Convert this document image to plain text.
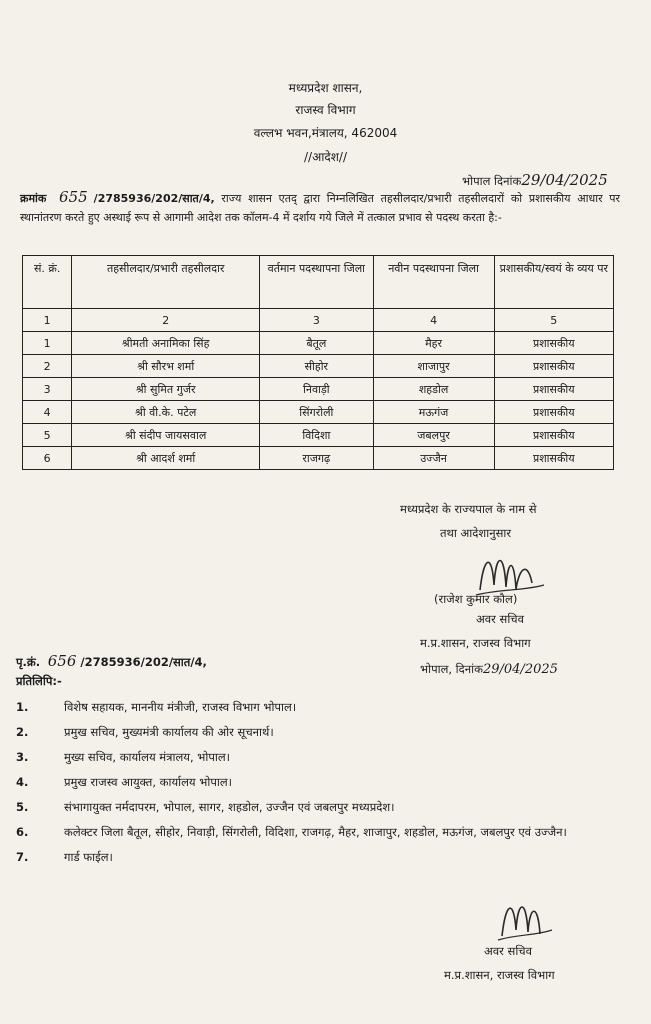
मध्यप्रदेश शासन,
राजस्व विभाग
वल्लभ भवन,मंत्रालय, 462004
//आदेश//
भोपाल दिनांक29/04/2025
क्रमांक 655 /2785936/202/सात/4, राज्य शासन एतद् द्वारा निम्नलिखित तहसीलदार/प्रभारी तहसीलदारों को प्रशासकीय आधार पर स्थानांतरण करते हुए अस्थाई रूप से आगामी आदेश तक कॉलम-4 में दर्शाय गये जिले में तत्काल प्रभाव से पदस्थ करता है:-
सं. क्रं.	तहसीलदार/प्रभारी तहसीलदार	वर्तमान पदस्थापना जिला	नवीन पदस्थापना जिला	प्रशासकीय/स्वयं के व्यय पर
1	2	3	4	5
1	श्रीमती अनामिका सिंह	बैतूल	मैहर	प्रशासकीय
2	श्री सौरभ शर्मा	सीहोर	शाजापुर	प्रशासकीय
3	श्री सुमित गुर्जर	निवाड़ी	शहडोल	प्रशासकीय
4	श्री वी.के. पटेल	सिंगरोली	मऊगंज	प्रशासकीय
5	श्री संदीप जायसवाल	विदिशा	जबलपुर	प्रशासकीय
6	श्री आदर्श शर्मा	राजगढ़	उज्जैन	प्रशासकीय
मध्यप्रदेश के राज्यपाल के नाम से
तथा आदेशानुसार
(राजेश कुमार कौल)
अवर सचिव
म.प्र.शासन, राजस्व विभाग
भोपाल, दिनांक29/04/2025
पृ.क्रं. 656 /2785936/202/सात/4,
प्रतिलिपि:-
1.	विशेष सहायक, माननीय मंत्रीजी, राजस्व विभाग भोपाल।
2.	प्रमुख सचिव, मुख्यमंत्री कार्यालय की ओर सूचनार्थ।
3.	मुख्य सचिव, कार्यालय मंत्रालय, भोपाल।
4.	प्रमुख राजस्व आयुक्त, कार्यालय भोपाल।
5.	संभागायुक्त नर्मदापरम, भोपाल, सागर, शहडोल, उज्जैन एवं जबलपुर मध्यप्रदेश।
6.	कलेक्टर जिला बैतूल, सीहोर, निवाड़ी, सिंगरोली, विदिशा, राजगढ़, मैहर, शाजापुर, शहडोल, मऊगंज, जबलपुर एवं उज्जैन।
7.	गार्ड फाईल।
अवर सचिव
म.प्र.शासन, राजस्व विभाग
